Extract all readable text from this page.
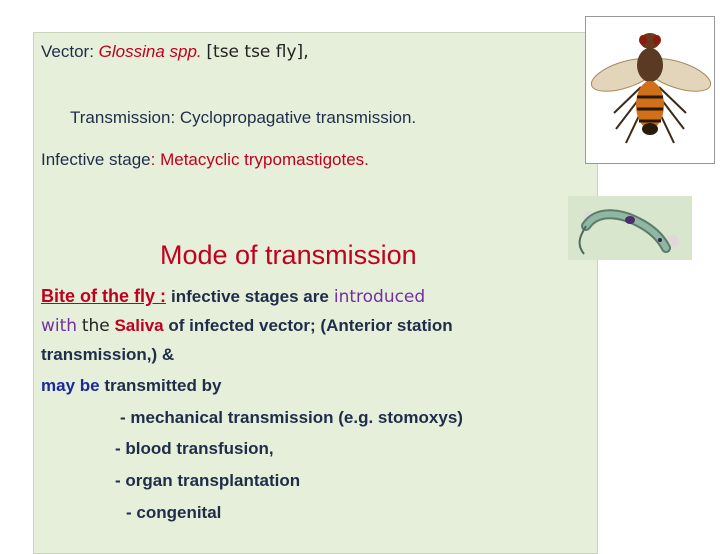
Vector: Glossina spp. [tse tse fly],
Transmission: Cyclopropagative transmission.
Infective stage: Metacyclic trypomastigotes.
Mode of transmission
Bite of the fly : infective stages are introduced
with the Saliva of infected vector; (Anterior station
transmission,) &
may be transmitted by
- mechanical transmission (e.g. stomoxys)
- blood transfusion,
- organ transplantation
- congenital
